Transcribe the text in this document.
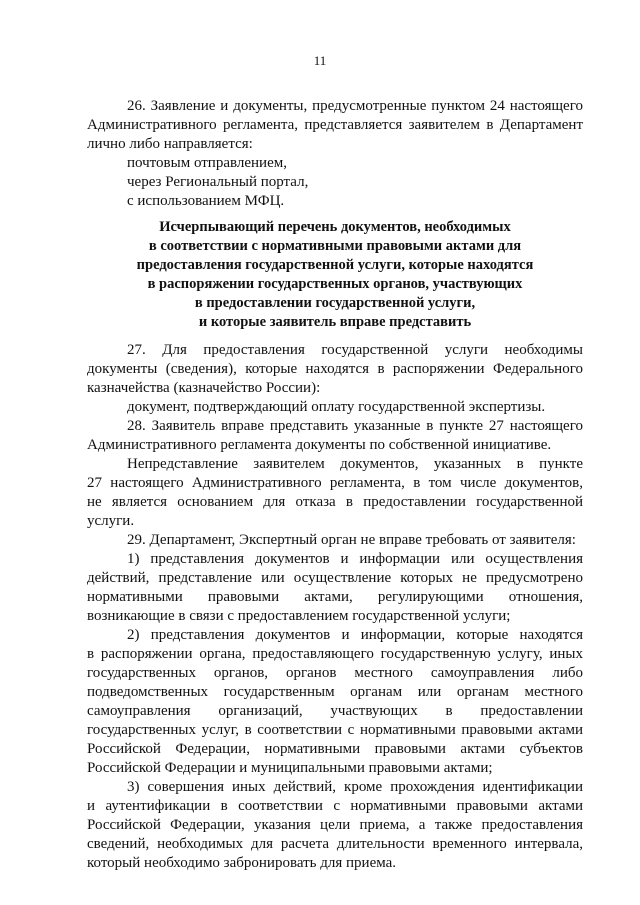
11
26. Заявление и документы, предусмотренные пунктом 24 настоящего
Административного регламента, представляется заявителем в Департамент
лично либо направляется:
почтовым отправлением,
через Региональный портал,
с использованием МФЦ.
Исчерпывающий перечень документов, необходимых
в соответствии с нормативными правовыми актами для
предоставления государственной услуги, которые находятся
в распоряжении государственных органов, участвующих
в предоставлении государственной услуги,
и которые заявитель вправе представить
27. Для предоставления государственной услуги необходимы
документы (сведения), которые находятся в распоряжении Федерального
казначейства (казначейство России):
документ, подтверждающий оплату государственной экспертизы.
28. Заявитель вправе представить указанные в пункте 27 настоящего
Административного регламента документы по собственной инициативе.
Непредставление заявителем документов, указанных в пункте
27 настоящего Административного регламента, в том числе документов,
не является основанием для отказа в предоставлении государственной
услуги.
29. Департамент, Экспертный орган не вправе требовать от заявителя:
1) представления документов и информации или осуществления
действий, представление или осуществление которых не предусмотрено
нормативными правовыми актами, регулирующими отношения,
возникающие в связи с предоставлением государственной услуги;
2) представления документов и информации, которые находятся
в распоряжении органа, предоставляющего государственную услугу, иных
государственных органов, органов местного самоуправления либо
подведомственных государственным органам или органам местного
самоуправления организаций, участвующих в предоставлении
государственных услуг, в соответствии с нормативными правовыми актами
Российской Федерации, нормативными правовыми актами субъектов
Российской Федерации и муниципальными правовыми актами;
3) совершения иных действий, кроме прохождения идентификации
и аутентификации в соответствии с нормативными правовыми актами
Российской Федерации, указания цели приема, а также предоставления
сведений, необходимых для расчета длительности временного интервала,
который необходимо забронировать для приема.
